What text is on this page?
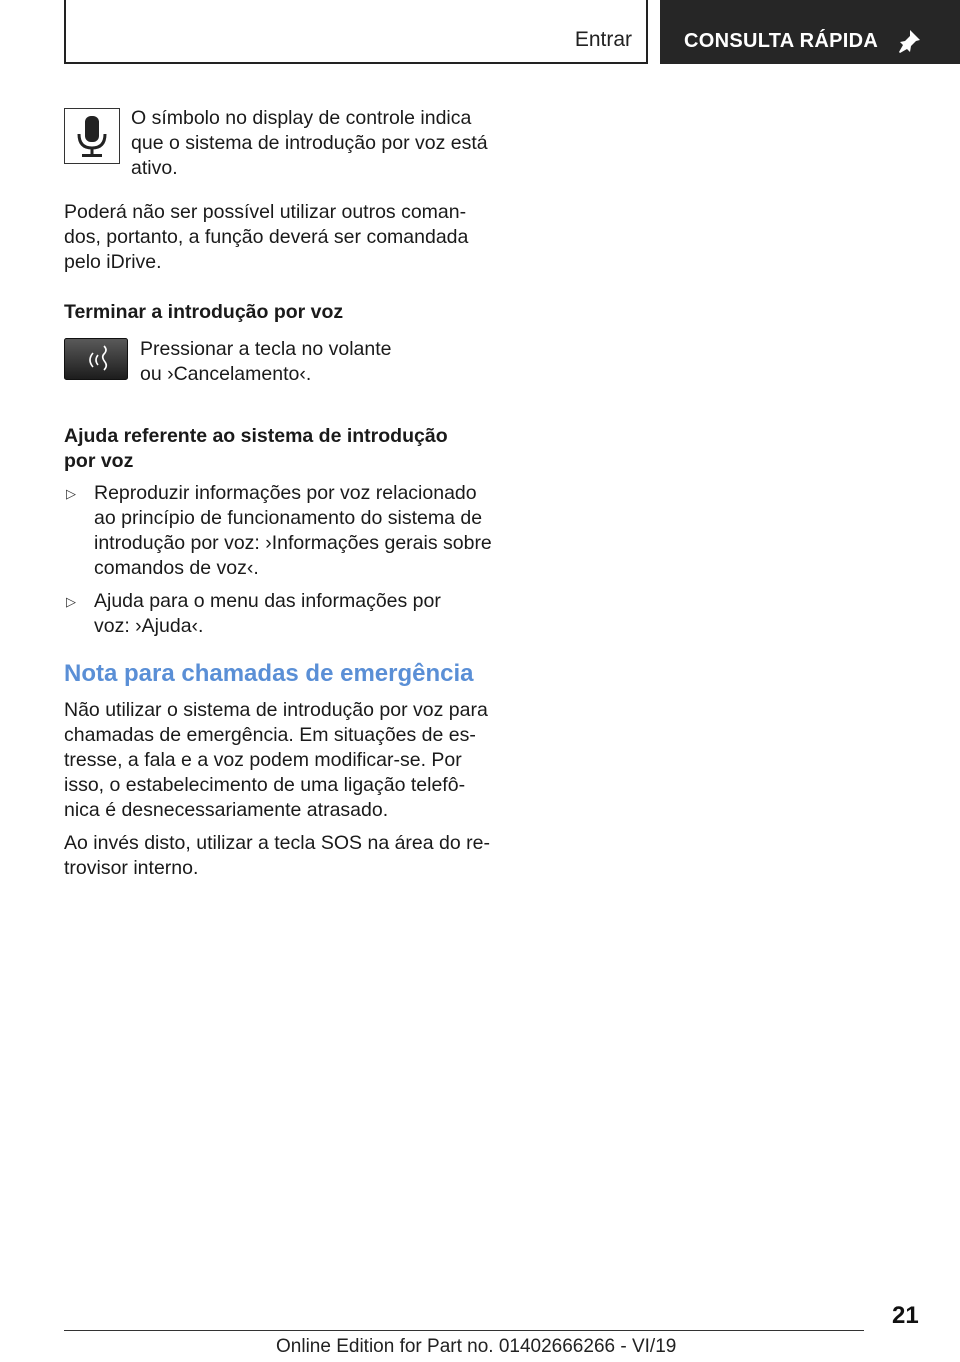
Entrar	CONSULTA RÁPIDA
O símbolo no display de controle indica
que o sistema de introdução por voz está
ativo.
Poderá não ser possível utilizar outros coman-
dos, portanto, a função deverá ser comandada
pelo iDrive.
Terminar a introdução por voz
Pressionar a tecla no volante
ou ›Cancelamento‹.
Ajuda referente ao sistema de introdução
por voz
▷ Reproduzir informações por voz relacionado
ao princípio de funcionamento do sistema de
introdução por voz: ›Informações gerais sobre
comandos de voz‹.
▷ Ajuda para o menu das informações por
voz: ›Ajuda‹.
Nota para chamadas de emergência
Não utilizar o sistema de introdução por voz para
chamadas de emergência. Em situações de es-
tresse, a fala e a voz podem modificar-se. Por
isso, o estabelecimento de uma ligação telefô-
nica é desnecessariamente atrasado.
Ao invés disto, utilizar a tecla SOS na área do re-
trovisor interno.
21
Online Edition for Part no. 01402666266 - VI/19
